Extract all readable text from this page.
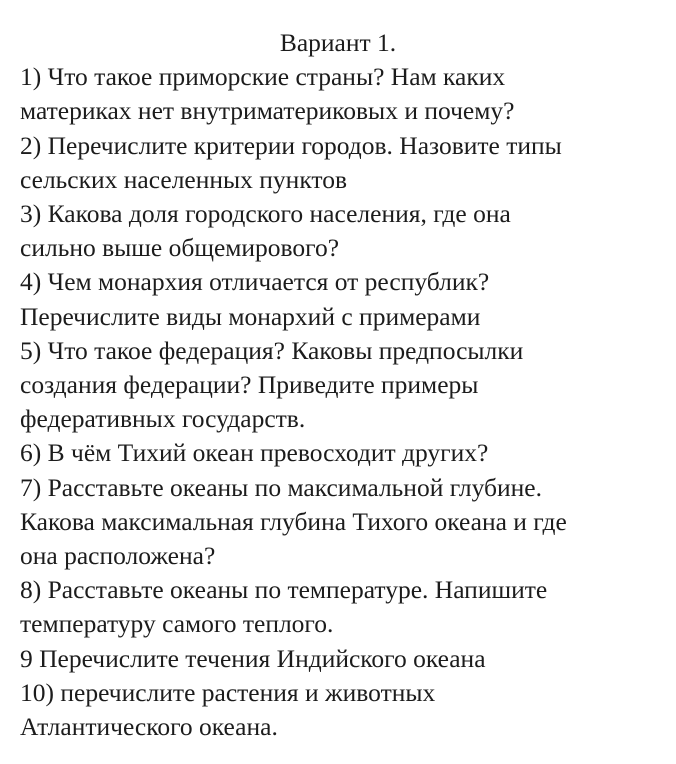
Вариант 1.
1) Что такое приморские страны? Нам каких
материках нет внутриматериковых и почему?
2) Перечислите критерии городов. Назовите типы
сельских населенных пунктов
3) Какова доля городского населения, где она
сильно выше общемирового?
4) Чем монархия отличается от республик?
Перечислите виды монархий с примерами
5) Что такое федерация? Каковы предпосылки
создания федерации? Приведите примеры
федеративных государств.
6) В чём Тихий океан превосходит других?
7) Расставьте океаны по максимальной глубине.
Какова максимальная глубина Тихого океана и где
она расположена?
8) Расставьте океаны по температуре. Напишите
температуру самого теплого.
9 Перечислите течения Индийского океана
10) перечислите растения и животных
Атлантического океана.
